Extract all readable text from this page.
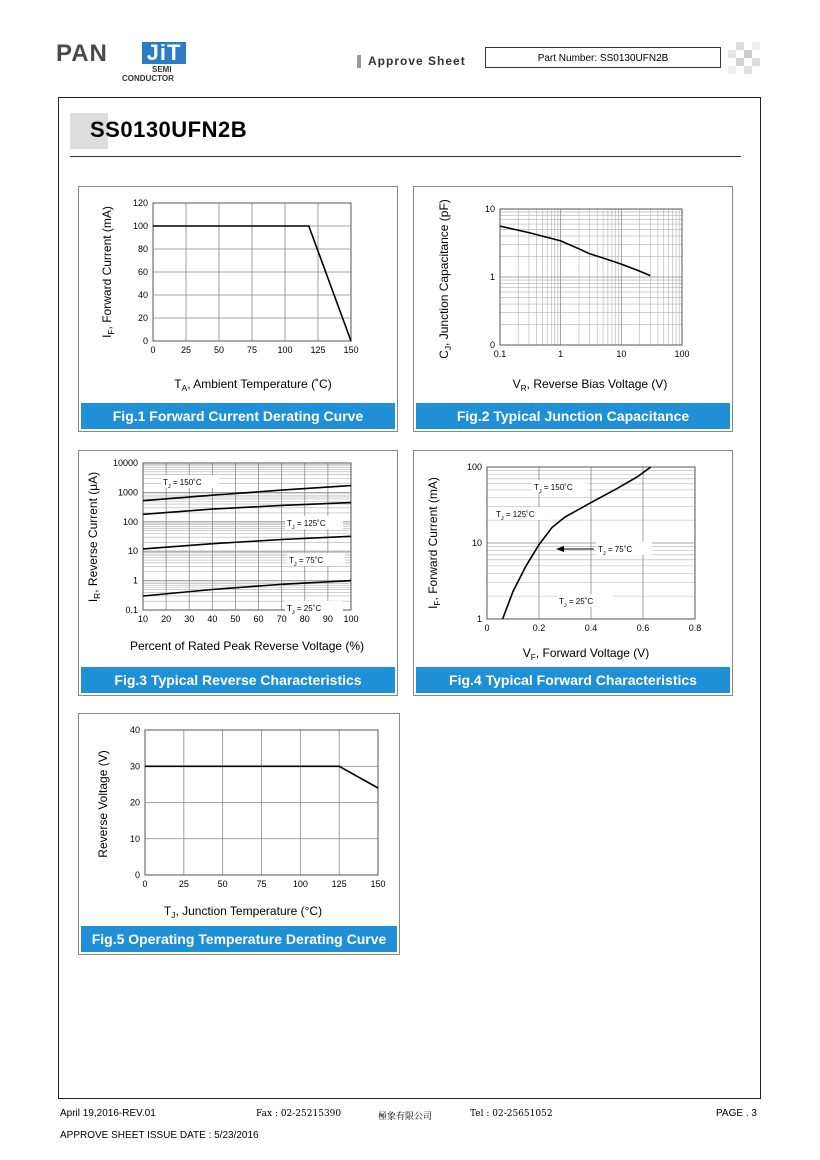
PAN JiT
SEMI
CONDUCTOR
Approve Sheet	Part Number: SS0130UFN2B
SS0130UFN2B
0	25	50	75 100 125 150
0
20
40
60
80
100
120
$T_A$, Ambient Temperature (˚C)
$I_F$, Forward Current (mA)
Fig.1 Forward Current Derating Curve
0.1	1	10	100
0
1
10
$V_R$, Reverse Bias Voltage (V)
$C_J$, Junction Capacitance (pF)
Fig.2 Typical Junction Capacitance
10 20 30 40 50 60 70 80 90 100
0.1
1
10
100
1000
10000
Percent of Rated Peak Reverse Voltage (%)
$I_R$, Reverse Current (μA)	$T_J$ = 150˚C
$T_J$ = 125˚C
$T_J$ = 75˚C
$T_J$ = 25˚C
Fig.3 Typical Reverse Characteristics
0	0.2	0.4	0.6	0.8
1
10
100
$V_F$, Forward Voltage (V)
$I_F$, Forward Current (mA)	$T_J$ = 150˚C
$T_J$ = 125˚C
$T_J$ = 75˚C
$T_J$ = 25˚C
Fig.4 Typical Forward Characteristics
0	25	50	75	100	125	150
0
10
20
30
40
$T_J$, Junction Temperature (°C)
Reverse Voltage (V)
Fig.5 Operating Temperature Derating Curve
April 19,2016-REV.01	Fax : 02-25215390	極象有限公司	Tel : 02-25651052	PAGE . 3
APPROVE SHEET ISSUE DATE : 5/23/2016
